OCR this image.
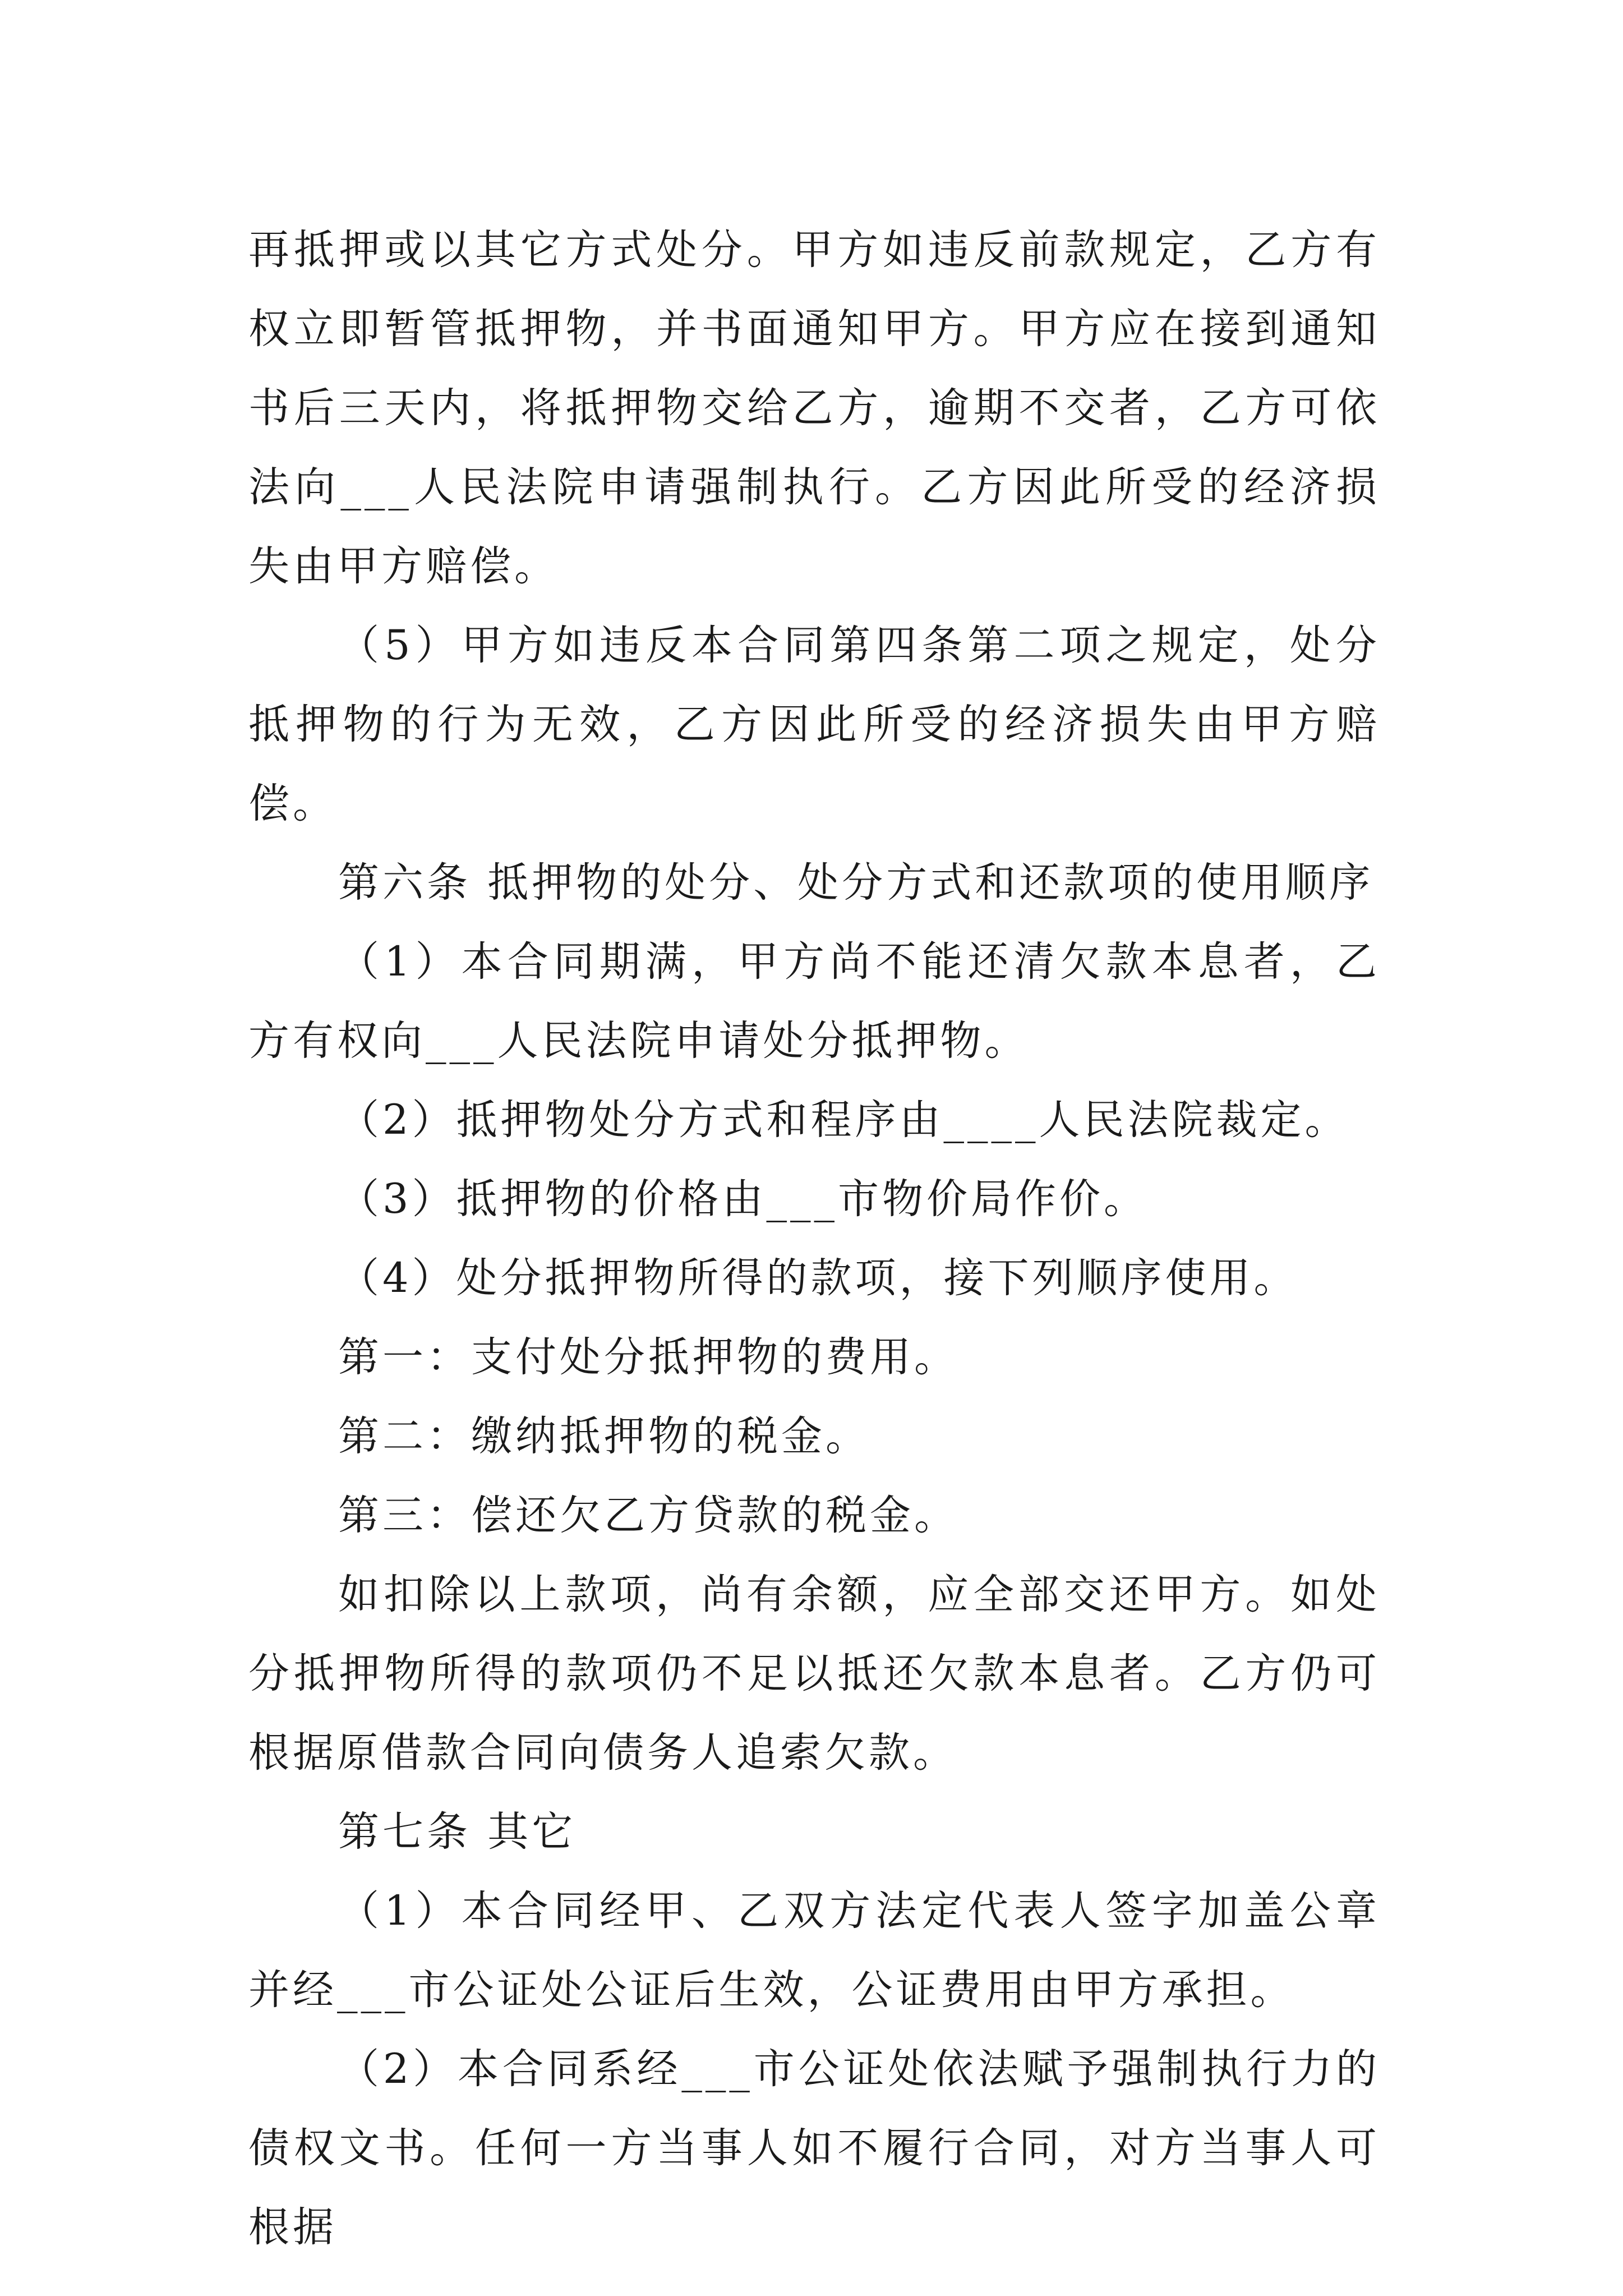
再抵押或以其它方式处分。甲方如违反前款规定，乙方有权立即暂管抵押物，并书面通知甲方。甲方应在接到通知书后三天内，将抵押物交给乙方，逾期不交者，乙方可依法向___人民法院申请强制执行。乙方因此所受的经济损失由甲方赔偿。

（5）甲方如违反本合同第四条第二项之规定，处分抵押物的行为无效，乙方因此所受的经济损失由甲方赔偿。

第六条 抵押物的处分、处分方式和还款项的使用顺序

（1）本合同期满，甲方尚不能还清欠款本息者，乙方有权向___人民法院申请处分抵押物。

（2）抵押物处分方式和程序由____人民法院裁定。

（3）抵押物的价格由___市物价局作价。

（4）处分抵押物所得的款项，接下列顺序使用。

第一：支付处分抵押物的费用。

第二：缴纳抵押物的税金。

第三：偿还欠乙方贷款的税金。

如扣除以上款项，尚有余额，应全部交还甲方。如处分抵押物所得的款项仍不足以抵还欠款本息者。乙方仍可根据原借款合同向债务人追索欠款。

第七条 其它

（1）本合同经甲、乙双方法定代表人签字加盖公章并经___市公证处公证后生效，公证费用由甲方承担。

（2）本合同系经___市公证处依法赋予强制执行力的债权文书。任何一方当事人如不履行合同，对方当事人可根据
